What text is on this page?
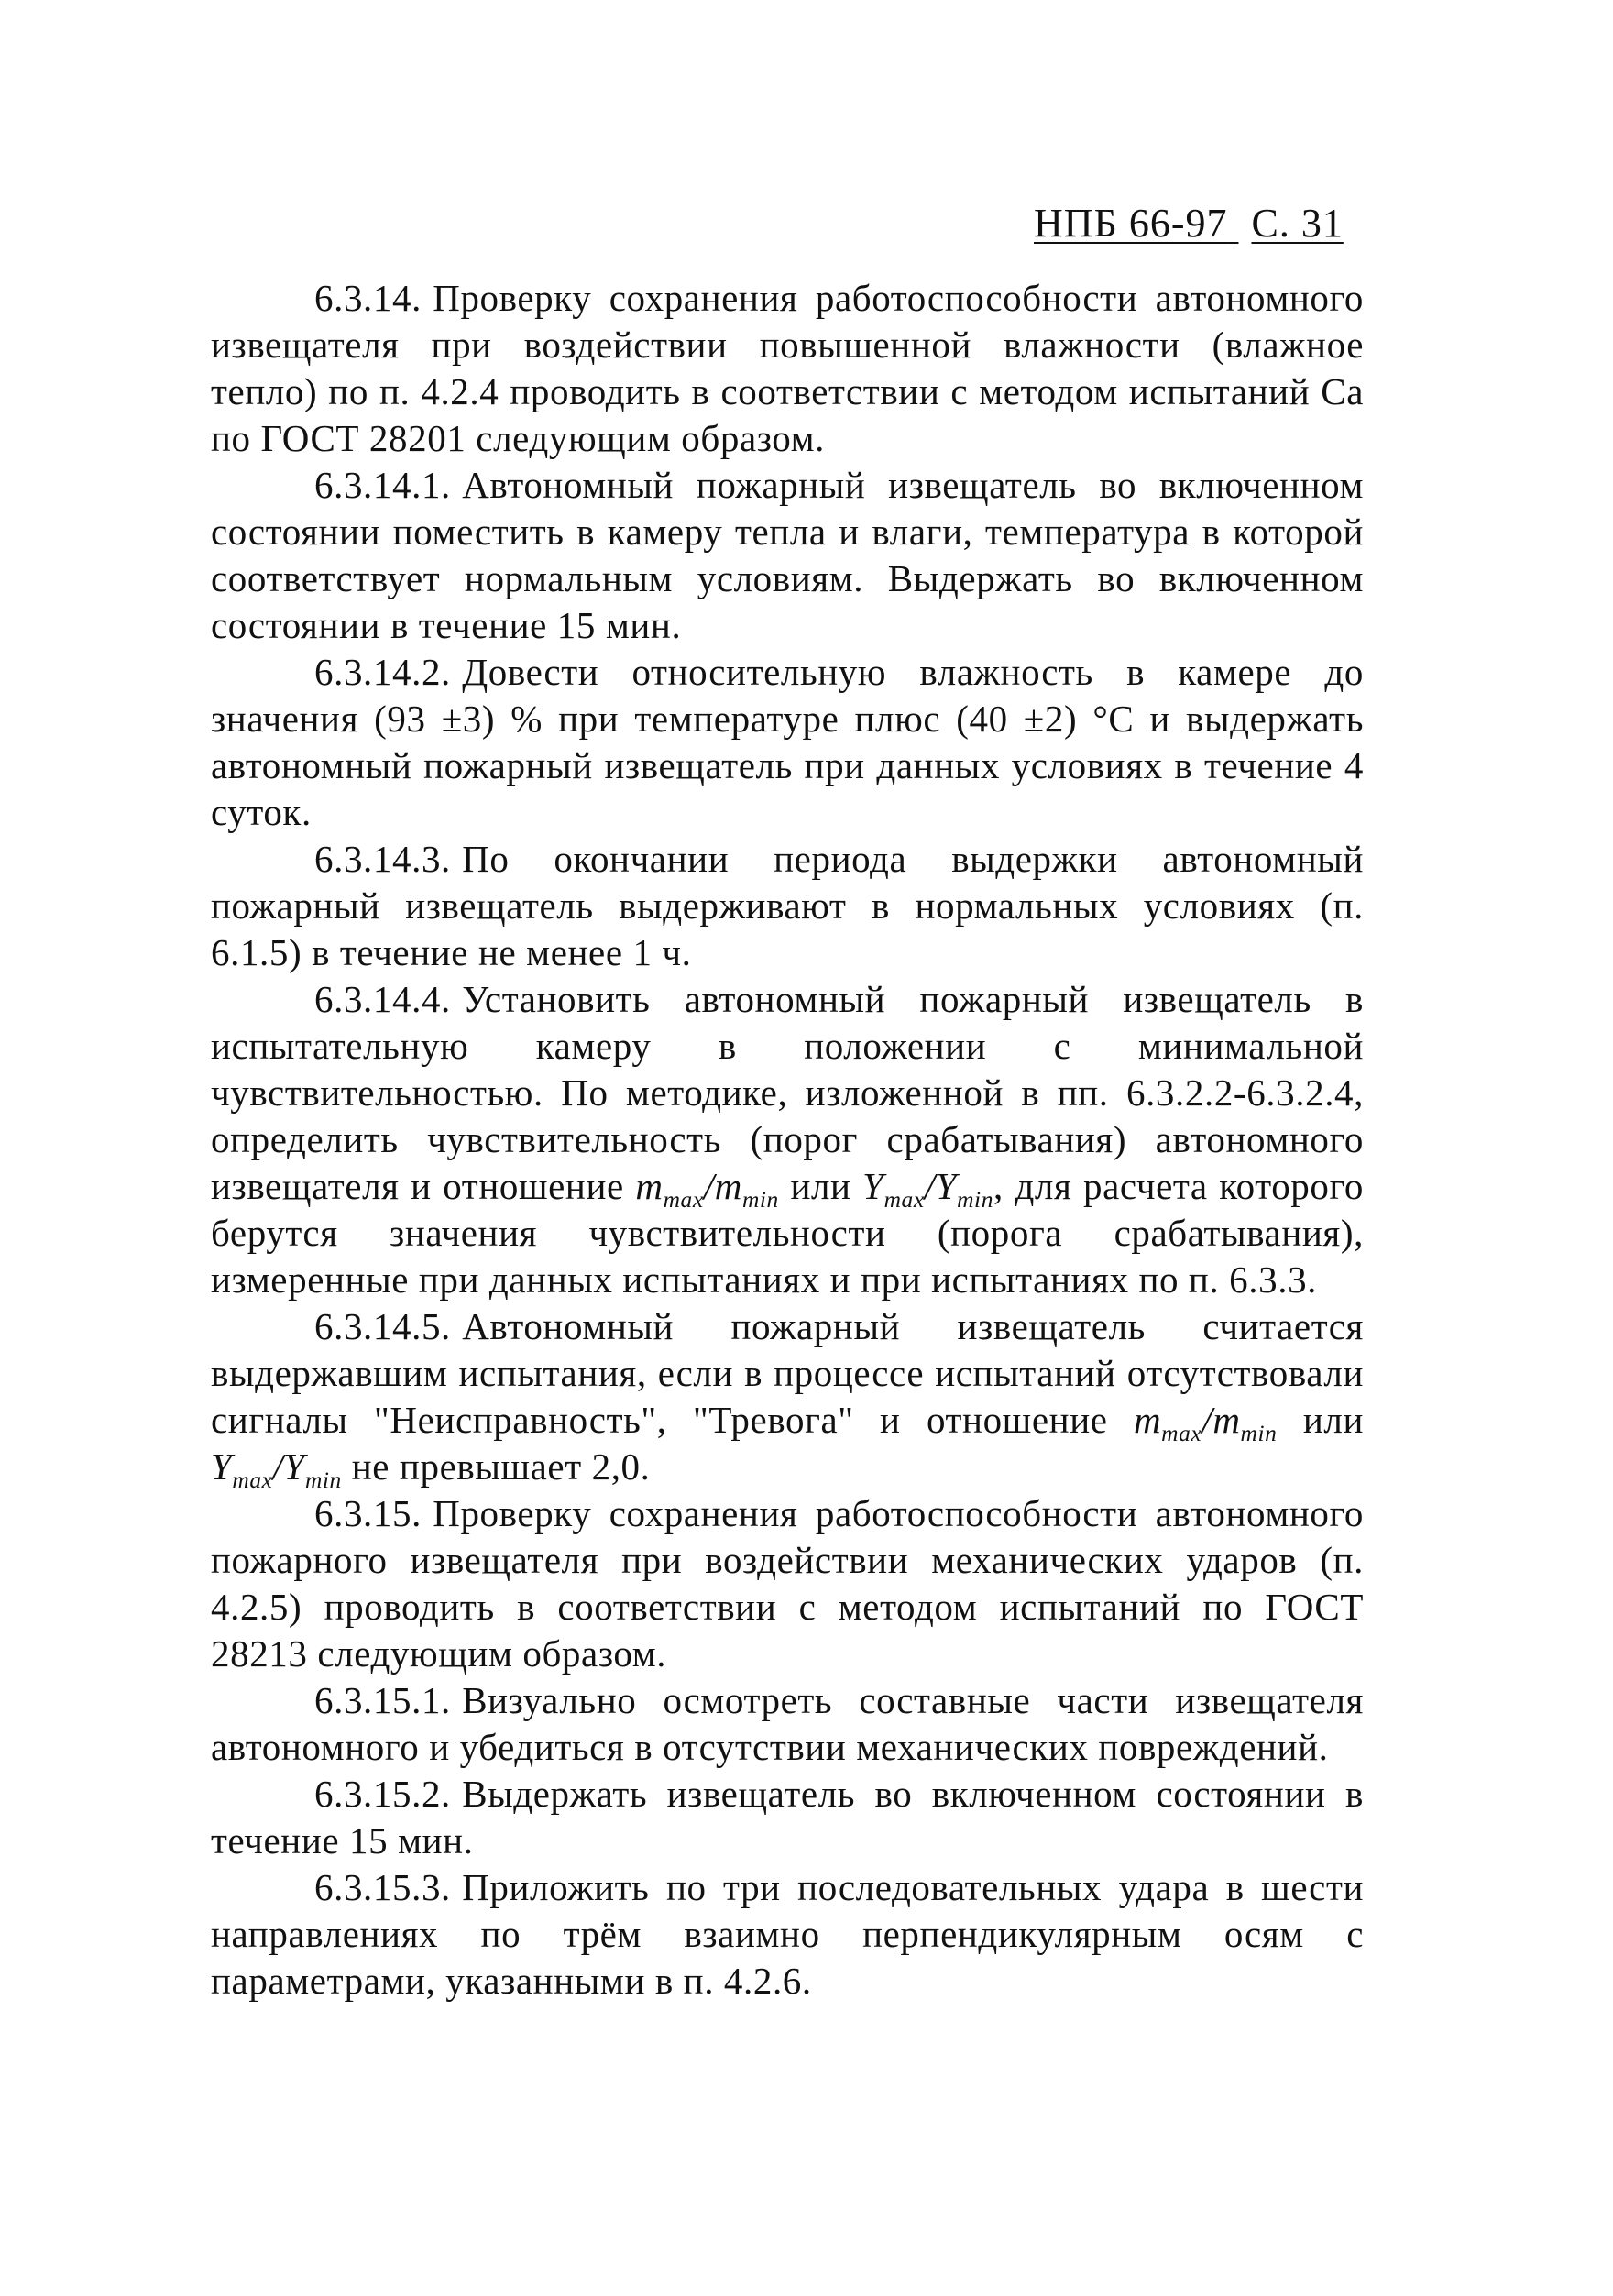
НПБ 66-97 С. 31

6.3.14. Проверку сохранения работоспособности автономного извещателя при воздействии повышенной влажности (влажное тепло) по п. 4.2.4 проводить в соответствии с методом испытаний Са по ГОСТ 28201 следующим образом.

6.3.14.1. Автономный пожарный извещатель во включенном состоянии поместить в камеру тепла и влаги, температура в которой соответствует нормальным условиям. Выдержать во включенном состоянии в течение 15 мин.

6.3.14.2. Довести относительную влажность в камере до значения (93 ±3) % при температуре плюс (40 ±2) °С и выдержать автономный пожарный извещатель при данных условиях в течение 4 суток.

6.3.14.3. По окончании периода выдержки автономный пожарный извещатель выдерживают в нормальных условиях (п. 6.1.5) в течение не менее 1 ч.

6.3.14.4. Установить автономный пожарный извещатель в испытательную камеру в положении с минимальной чувствительностью. По методике, изложенной в пп. 6.3.2.2-6.3.2.4, определить чувствительность (порог срабатывания) автономного извещателя и отношение $m_{max}/m_{min}$ или $Y_{max}/Y_{min}$, для расчета которого берутся значения чувствительности (порога срабатывания), измеренные при данных испытаниях и при испытаниях по п. 6.3.3.

6.3.14.5. Автономный пожарный извещатель считается выдержавшим испытания, если в процессе испытаний отсутствовали сигналы "Неисправность", "Тревога" и отношение $m_{max}/m_{min}$ или $Y_{max}/Y_{min}$ не превышает 2,0.

6.3.15. Проверку сохранения работоспособности автономного пожарного извещателя при воздействии механических ударов (п. 4.2.5) проводить в соответствии с методом испытаний по ГОСТ 28213 следующим образом.

6.3.15.1. Визуально осмотреть составные части извещателя автономного и убедиться в отсутствии механических повреждений.

6.3.15.2. Выдержать извещатель во включенном состоянии в течение 15 мин.

6.3.15.3. Приложить по три последовательных удара в шести направлениях по трём взаимно перпендикулярным осям с параметрами, указанными в п. 4.2.6.
